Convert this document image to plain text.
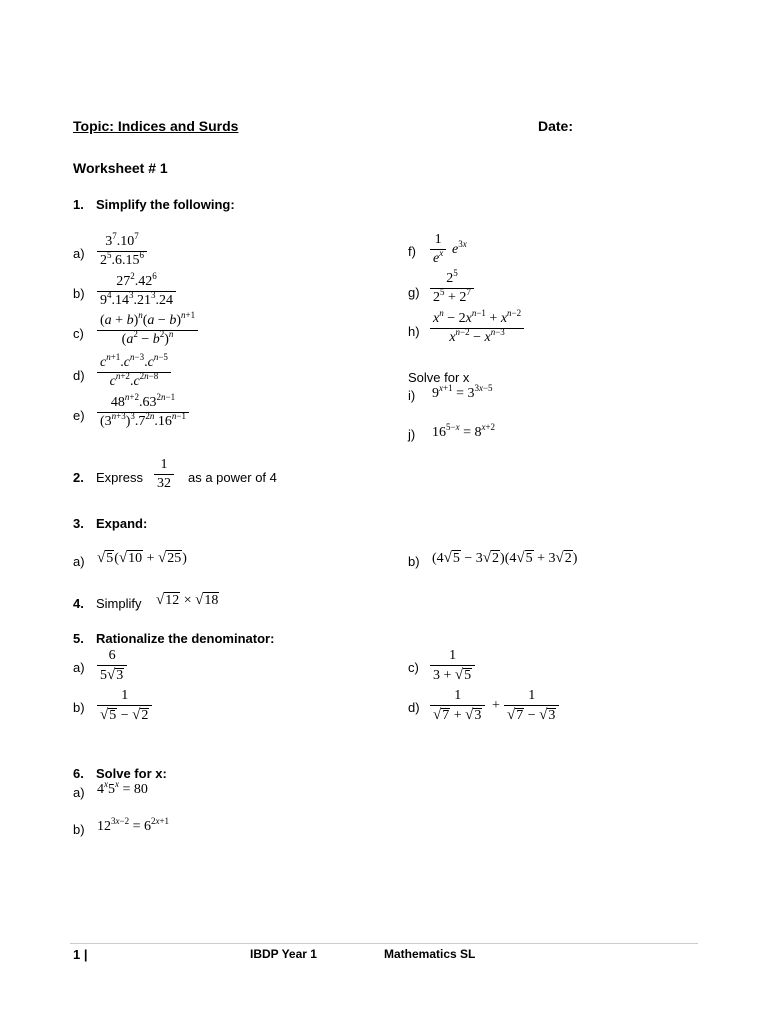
Topic: Indices and Surds	Date:
Worksheet # 1
1. Simplify the following:
a)
$3^7.10^7$
$2^5.6.15^6$
b)
$27^2.42^6$
$9^4.14^3.21^3.24$
c)
$(a + b)^n(a - b)^{n+1}$
$(a^2 - b^2)^n$
d)
$c^{n+1}.c^{n-3}.c^{n-5}$
$c^{n+2}.c^{2n-8}$
e)
$48^{n+2}.63^{2n-1}$
$(3^{n+3})^3.7^{2n}.16^{n-1}$
f)
1
$e^x$ $e^{3x}$
g)
$2^5$
$2^5 + 2^7$
h)
$x^n - 2x^{n-1} + x^{n-2}$
$x^{n-2} - x^{n-3}$
Solve for x
i) $9^{x+1} = 3^{3x-5}$
j) $16^{5-x} = 8^{x+2}$
2. Express
1
32 as a power of 4
3. Expand:
a) √ 5 ( √ 10 + √ 25 )	b) (4 √ 5 − 3 √ 2 )(4 √ 5 + 3 √ 2 )
4. Simplify √ 12 × √ 18
5. Rationalize the denominator:
a)
6
5 √ 3
b)
1
√ 5 − √ 2
c)
1
3 + √ 5
d)
1
√ 7 + √ 3
+
1
√ 7 − √ 3
6. Solve for x:
a) $4^x5^x = 80$
b) $12^{3x-2} = 6^{2x+1}$
1 |	IBDP Year 1	Mathematics SL
